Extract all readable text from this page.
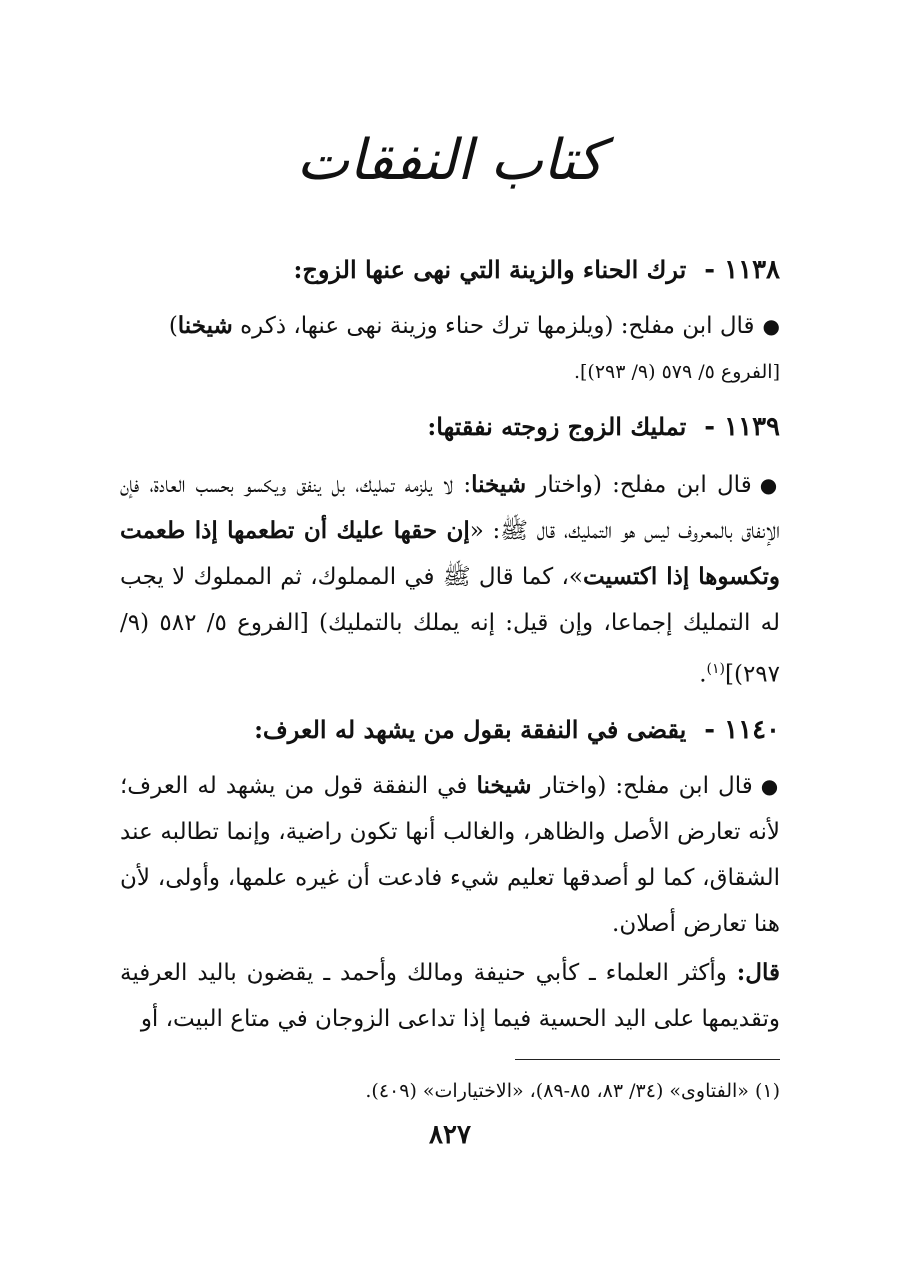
كتاب النفقات
١١٣٨ -ترك الحناء والزينة التي نهى عنها الزوج:
●قال ابن مفلح: (ويلزمها ترك حناء وزينة نهى عنها، ذكره شيخنا)
[الفروع ٥/ ٥٧٩ (٩/ ٢٩٣)].
١١٣٩ -تمليك الزوج زوجته نفقتها:
●قال ابن مفلح: (واختار شيخنا: لا يلزمه تمليك، بل ينفق ويكسو بحسب العادة، فإن الإنفاق بالمعروف ليس هو التمليك، قال ﷺ: «إن حقها عليك أن تطعمها إذا طعمت وتكسوها إذا اكتسيت»، كما قال ﷺ في المملوك، ثم المملوك لا يجب له التمليك إجماعا، وإن قيل: إنه يملك بالتمليك) [الفروع ٥/ ٥٨٢ (٩/ ٢٩٧)]$^{(١)}$.
١١٤٠ -يقضى في النفقة بقول من يشهد له العرف:
●قال ابن مفلح: (واختار شيخنا في النفقة قول من يشهد له العرف؛ لأنه تعارض الأصل والظاهر، والغالب أنها تكون راضية، وإنما تطالبه عند الشقاق، كما لو أصدقها تعليم شيء فادعت أن غيره علمها، وأولى، لأن هنا تعارض أصلان.
قال: وأكثر العلماء ـ كأبي حنيفة ومالك وأحمد ـ يقضون باليد العرفية وتقديمها على اليد الحسية فيما إذا تداعى الزوجان في متاع البيت، أو
(١) «الفتاوى» (٣٤/ ٨٣، ٨٥-٨٩)، «الاختيارات» (٤٠٩).
٨٢٧
